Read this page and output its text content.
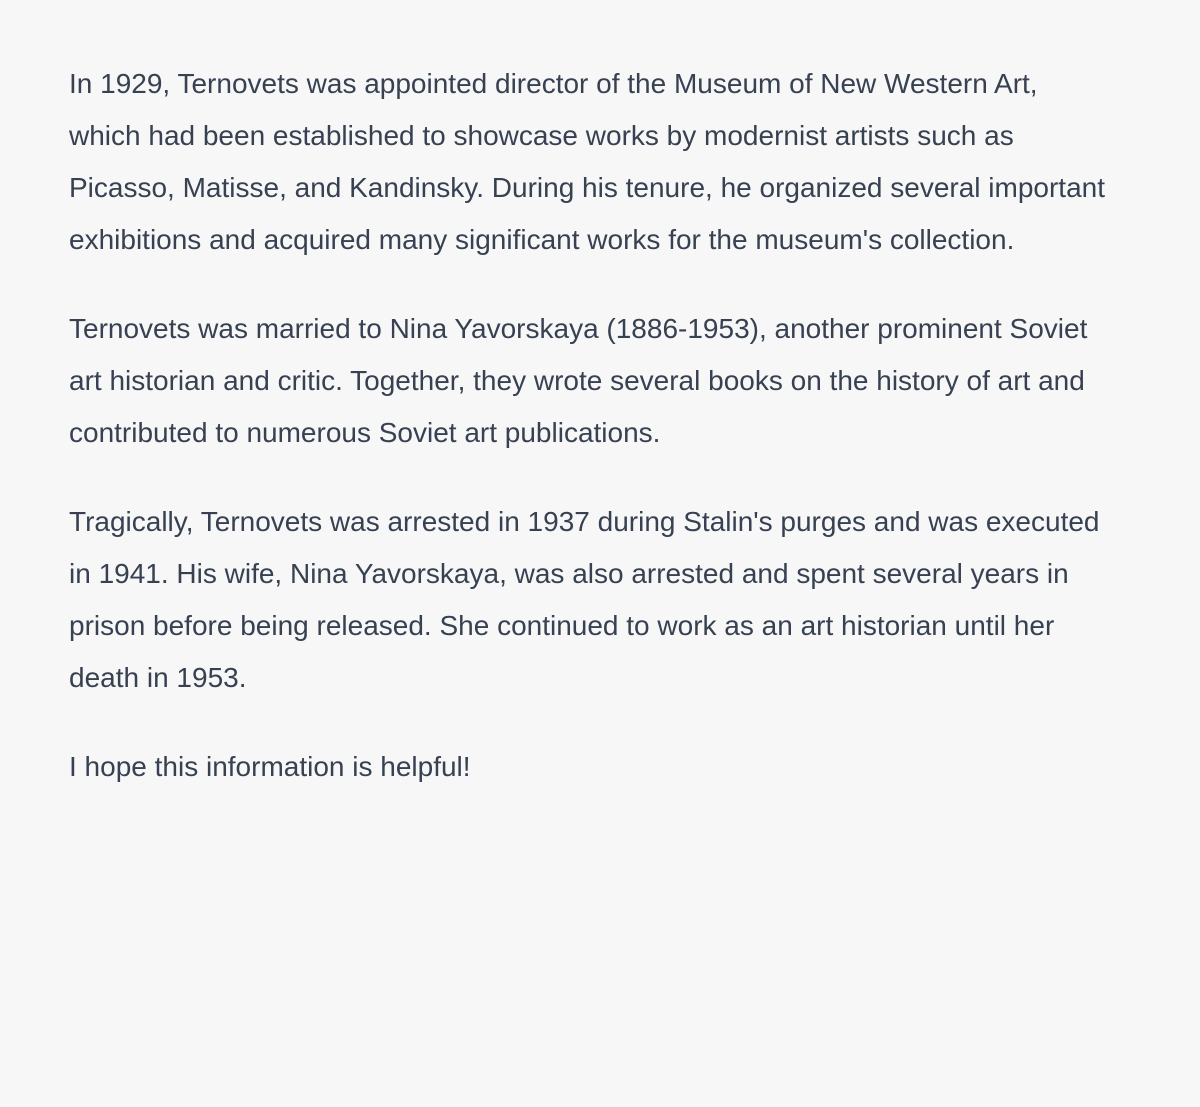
In 1929, Ternovets was appointed director of the Museum of New Western Art, which had been established to showcase works by modernist artists such as Picasso, Matisse, and Kandinsky. During his tenure, he organized several important exhibitions and acquired many significant works for the museum's collection.

Ternovets was married to Nina Yavorskaya (1886-1953), another prominent Soviet art historian and critic. Together, they wrote several books on the history of art and contributed to numerous Soviet art publications.

Tragically, Ternovets was arrested in 1937 during Stalin's purges and was executed in 1941. His wife, Nina Yavorskaya, was also arrested and spent several years in prison before being released. She continued to work as an art historian until her death in 1953.

I hope this information is helpful!
